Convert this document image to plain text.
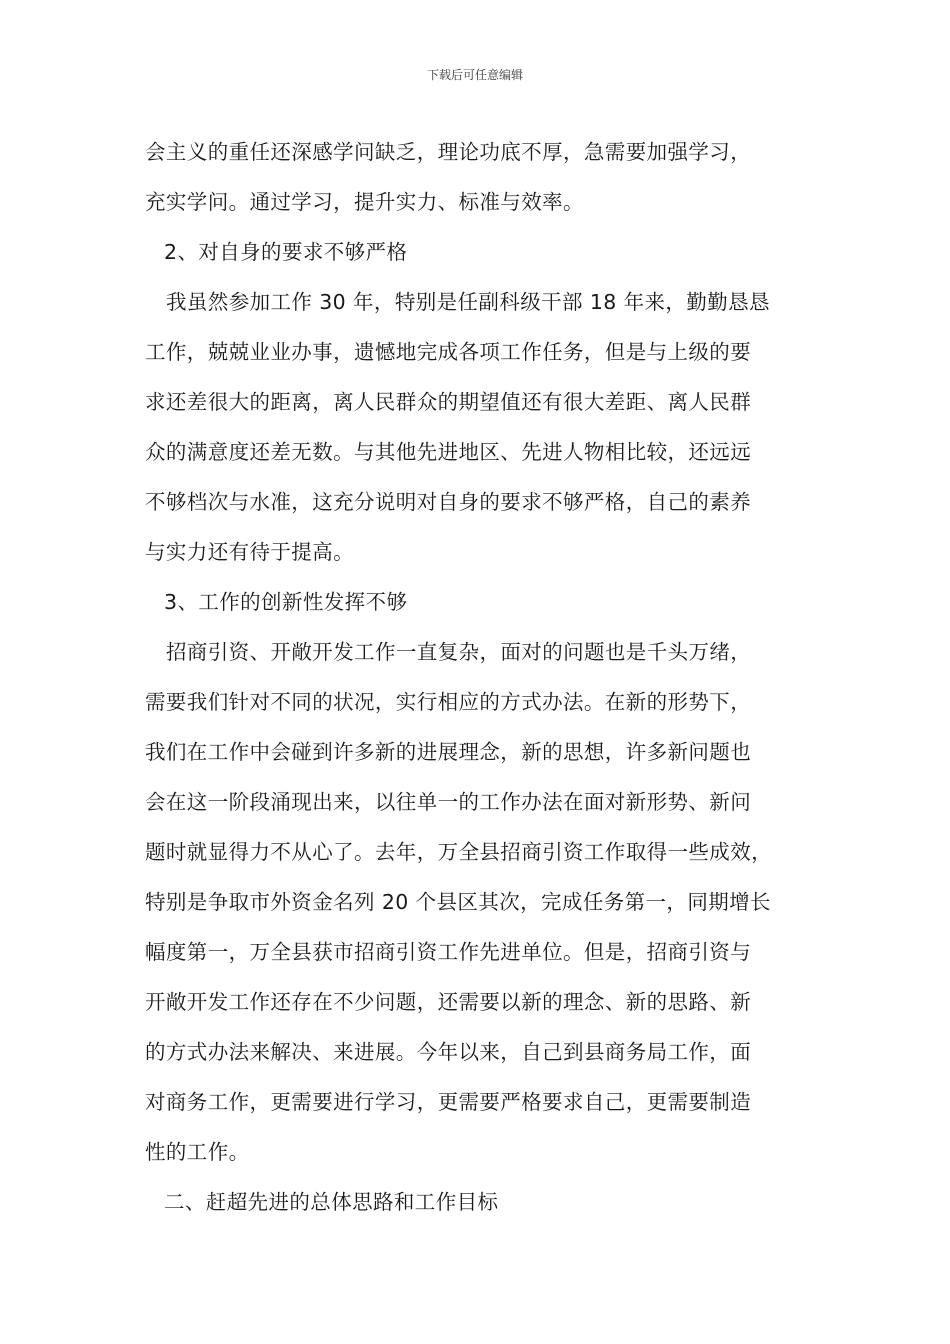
下载后可任意编辑
会主义的重任还深感学问缺乏，理论功底不厚，急需要加强学习，
充实学问。通过学习，提升实力、标准与效率。
2、对自身的要求不够严格
我虽然参加工作 30 年，特别是任副科级干部 18 年来，勤勤恳恳
工作，兢兢业业办事，遗憾地完成各项工作任务，但是与上级的要
求还差很大的距离，离人民群众的期望值还有很大差距、离人民群
众的满意度还差无数。与其他先进地区、先进人物相比较，还远远
不够档次与水准，这充分说明对自身的要求不够严格，自己的素养
与实力还有待于提高。
3、工作的创新性发挥不够
招商引资、开敞开发工作一直复杂，面对的问题也是千头万绪，
需要我们针对不同的状况，实行相应的方式办法。在新的形势下，
我们在工作中会碰到许多新的进展理念，新的思想，许多新问题也
会在这一阶段涌现出来，以往单一的工作办法在面对新形势、新问
题时就显得力不从心了。去年，万全县招商引资工作取得一些成效，
特别是争取市外资金名列 20 个县区其次，完成任务第一，同期增长
幅度第一，万全县获市招商引资工作先进单位。但是，招商引资与
开敞开发工作还存在不少问题，还需要以新的理念、新的思路、新
的方式办法来解决、来进展。今年以来，自己到县商务局工作，面
对商务工作，更需要进行学习，更需要严格要求自己，更需要制造
性的工作。
二、赶超先进的总体思路和工作目标
